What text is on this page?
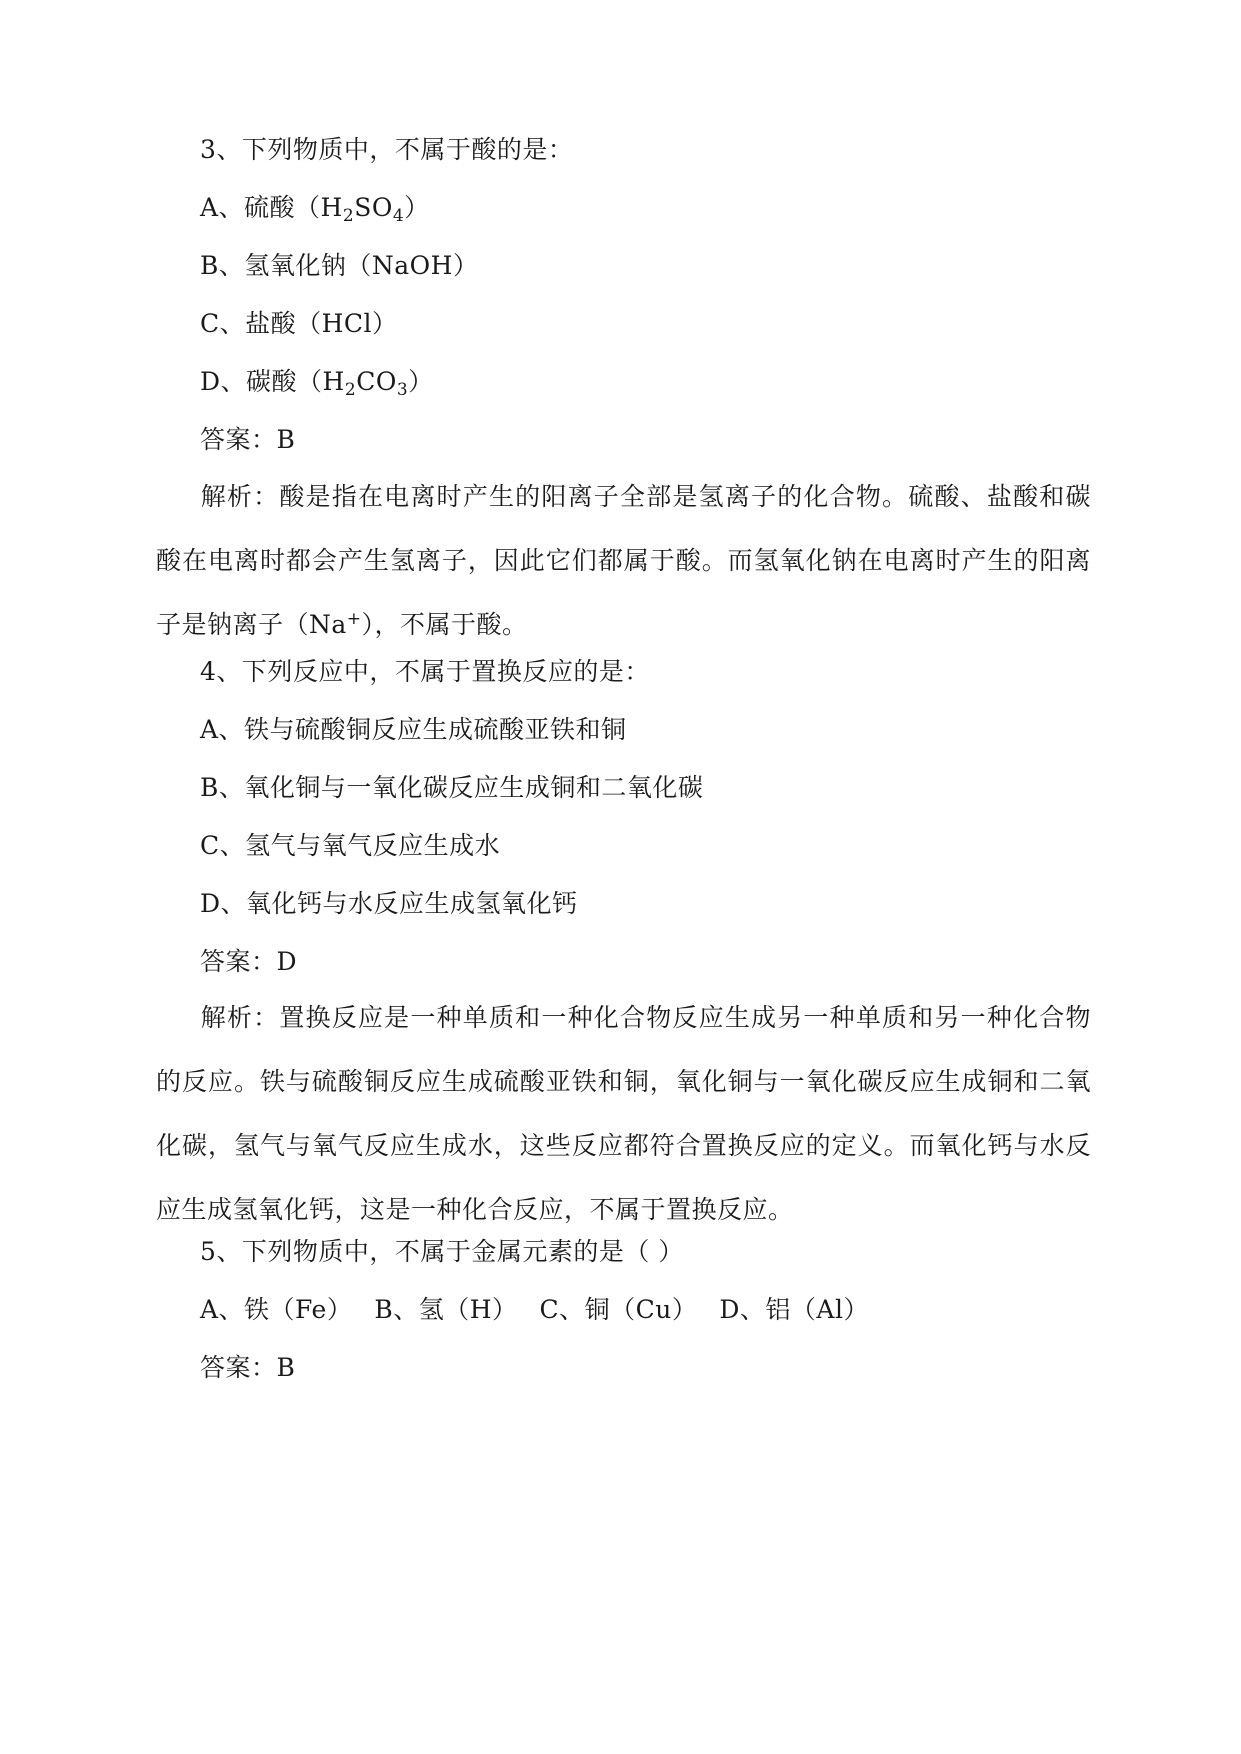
3、下列物质中，不属于酸的是：
A、硫酸$(H_2SO_4)$
B、氢氧化钠（NaOH）
C、盐酸（HCl）
D、碳酸$(H_2CO_3)$
答案：B
解析：酸是指在电离时产生的阳离子全部是氢离子的化合物。硫酸、盐酸和碳酸在电离时都会产生氢离子，因此它们都属于酸。而氢氧化钠在电离时产生的阳离子是钠离子（Na+），不属于酸。
4、下列反应中，不属于置换反应的是：
A、铁与硫酸铜反应生成硫酸亚铁和铜
B、氧化铜与一氧化碳反应生成铜和二氧化碳
C、氢气与氧气反应生成水
D、氧化钙与水反应生成氢氧化钙
答案：D
解析：置换反应是一种单质和一种化合物反应生成另一种单质和另一种化合物的反应。铁与硫酸铜反应生成硫酸亚铁和铜，氧化铜与一氧化碳反应生成铜和二氧化碳，氢气与氧气反应生成水，这些反应都符合置换反应的定义。而氧化钙与水反应生成氢氧化钙，这是一种化合反应，不属于置换反应。
5、下列物质中，不属于金属元素的是（ ）
A、铁（Fe） B、氢（H） C、铜（Cu） D、铝（Al）
答案：B
